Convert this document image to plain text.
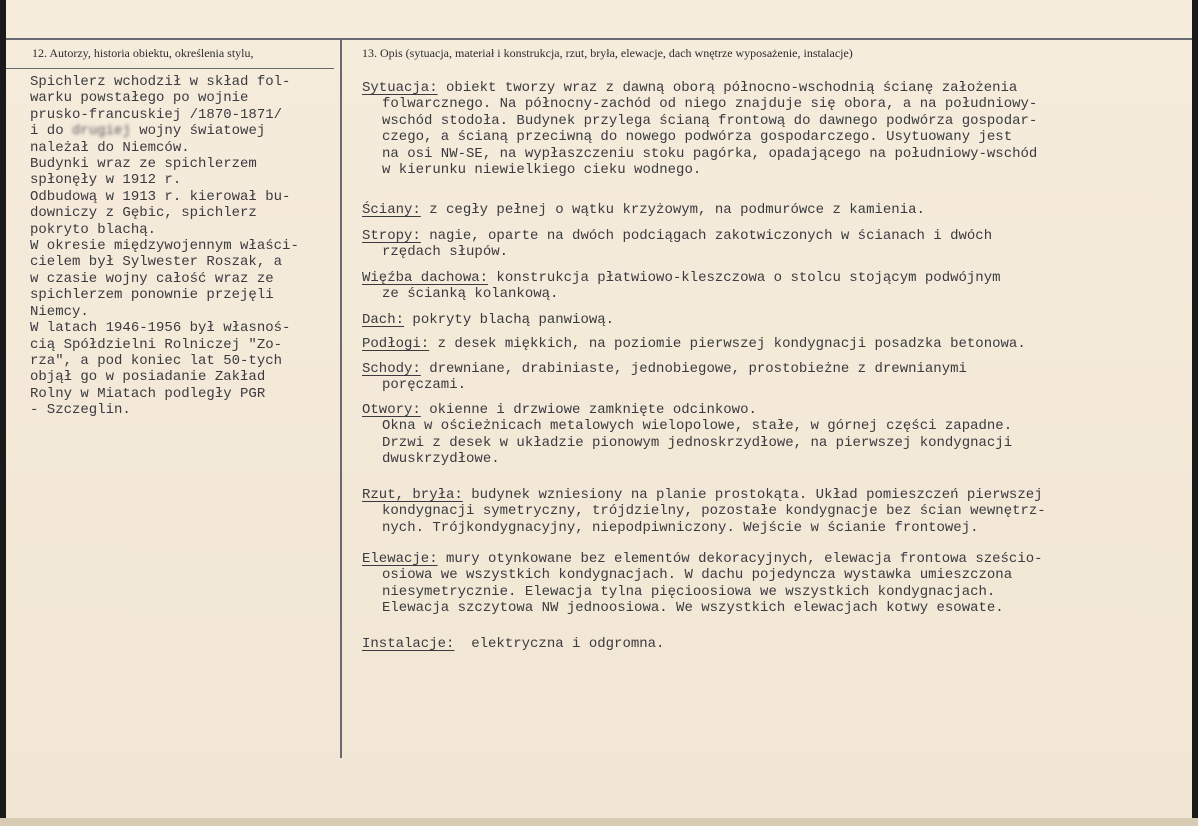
12. Autorzy, historia obiektu, określenia stylu,	13. Opis (sytuacja, materiał i konstrukcja, rzut, bryła, elewacje, dach wnętrze wyposażenie, instalacje)

Spichlerz wchodził w skład fol-

warku powstałego po wojnie

prusko-francuskiej /1870-1871/

i do drugiej wojny światowej

należał do Niemców.

Budynki wraz ze spichlerzem

spłonęły w 1912 r.

Odbudową w 1913 r. kierował bu-

downiczy z Gębic, spichlerz

pokryto blachą.

W okresie międzywojennym właści-

cielem był Sylwester Roszak, a

w czasie wojny całość wraz ze

spichlerzem ponownie przejęli

Niemcy.

W latach 1946-1956 był własnoś-

cią Spółdzielni Rolniczej "Zo-

rza", a pod koniec lat 50-tych

objął go w posiadanie Zakład

Rolny w Miatach podległy PGR

- Szczeglin.

Sytuacja: obiekt tworzy wraz z dawną oborą północno-wschodnią ścianę założenia
folwarcznego. Na północny-zachód od niego znajduje się obora, a na południowy-
wschód stodoła. Budynek przylega ścianą frontową do dawnego podwórza gospodar-
czego, a ścianą przeciwną do nowego podwórza gospodarczego. Usytuowany jest
na osi NW-SE, na wypłaszczeniu stoku pagórka, opadającego na południowy-wschód
w kierunku niewielkiego cieku wodnego.
Ściany: z cegły pełnej o wątku krzyżowym, na podmurówce z kamienia.
Stropy: nagie, oparte na dwóch podciągach zakotwiczonych w ścianach i dwóch
rzędach słupów.
Więźba dachowa: konstrukcja płatwiowo-kleszczowa o stolcu stojącym podwójnym
ze ścianką kolankową.
Dach: pokryty blachą panwiową.
Podłogi: z desek miękkich, na poziomie pierwszej kondygnacji posadzka betonowa.
Schody: drewniane, drabiniaste, jednobiegowe, prostobieżne z drewnianymi
poręczami.
Otwory: okienne i drzwiowe zamknięte odcinkowo.
Okna w ościeżnicach metalowych wielopolowe, stałe, w górnej części zapadne.
Drzwi z desek w układzie pionowym jednoskrzydłowe, na pierwszej kondygnacji
dwuskrzydłowe.
Rzut, bryła: budynek wzniesiony na planie prostokąta. Układ pomieszczeń pierwszej
kondygnacji symetryczny, trójdzielny, pozostałe kondygnacje bez ścian wewnętrz-
nych. Trójkondygnacyjny, niepodpiwniczony. Wejście w ścianie frontowej.
Elewacje: mury otynkowane bez elementów dekoracyjnych, elewacja frontowa sześcio-
osiowa we wszystkich kondygnacjach. W dachu pojedyncza wystawka umieszczona
niesymetrycznie. Elewacja tylna pięcioosiowa we wszystkich kondygnacjach.
Elewacja szczytowa NW jednoosiowa. We wszystkich elewacjach kotwy esowate.
Instalacje:  elektryczna i odgromna.
